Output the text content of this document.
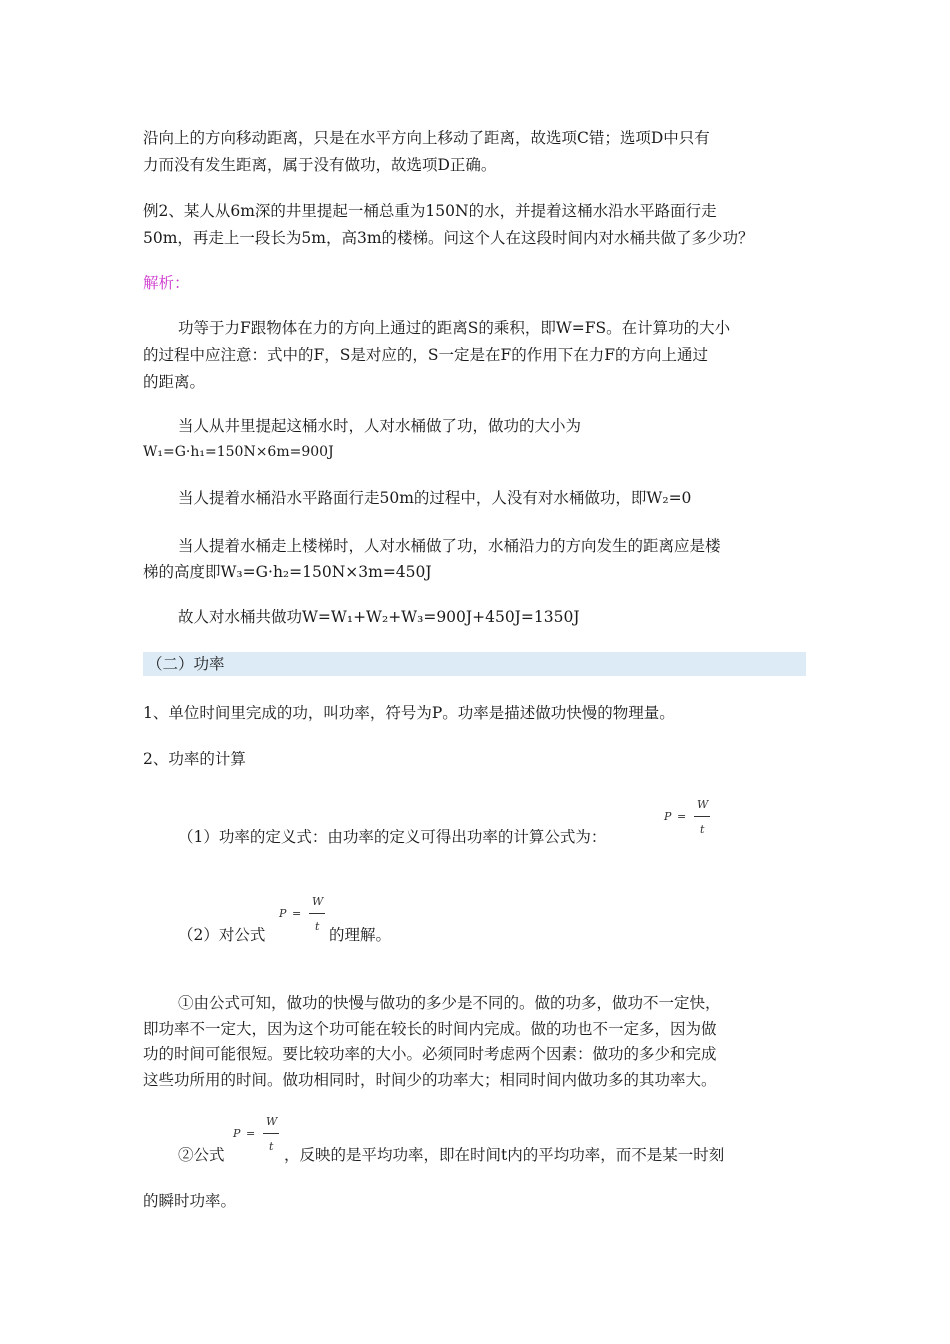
沿向上的方向移动距离，只是在水平方向上移动了距离，故选项C错；选项D中只有
力而没有发生距离，属于没有做功，故选项D正确。
例2、某人从6m深的井里提起一桶总重为150N的水，并提着这桶水沿水平路面行走
50m，再走上一段长为5m，高3m的楼梯。问这个人在这段时间内对水桶共做了多少功？
解析：
功等于力F跟物体在力的方向上通过的距离S的乘积，即W=FS。在计算功的大小
的过程中应注意：式中的F，S是对应的，S一定是在F的作用下在力F的方向上通过
的距离。
当人从井里提起这桶水时，人对水桶做了功，做功的大小为
W₁=G·h₁=150N×6m=900J
当人提着水桶沿水平路面行走50m的过程中，人没有对水桶做功，即W₂=0
当人提着水桶走上楼梯时，人对水桶做了功，水桶沿力的方向发生的距离应是楼
梯的高度即W₃=G·h₂=150N×3m=450J
故人对水桶共做功W=W₁+W₂+W₃=900J+450J=1350J
（二）功率
1、单位时间里完成的功，叫功率，符号为P。功率是描述做功快慢的物理量。
2、功率的计算
（1）功率的定义式：由功率的定义可得出功率的计算公式为：
P =
W
t
（2）对公式
P =
W
t 的理解。
①由公式可知，做功的快慢与做功的多少是不同的。做的功多，做功不一定快，
即功率不一定大，因为这个功可能在较长的时间内完成。做的功也不一定多，因为做
功的时间可能很短。要比较功率的大小。必须同时考虑两个因素：做功的多少和完成
这些功所用的时间。做功相同时，时间少的功率大；相同时间内做功多的其功率大。
②公式
P =
W
t ，反映的是平均功率，即在时间t内的平均功率，而不是某一时刻
的瞬时功率。
